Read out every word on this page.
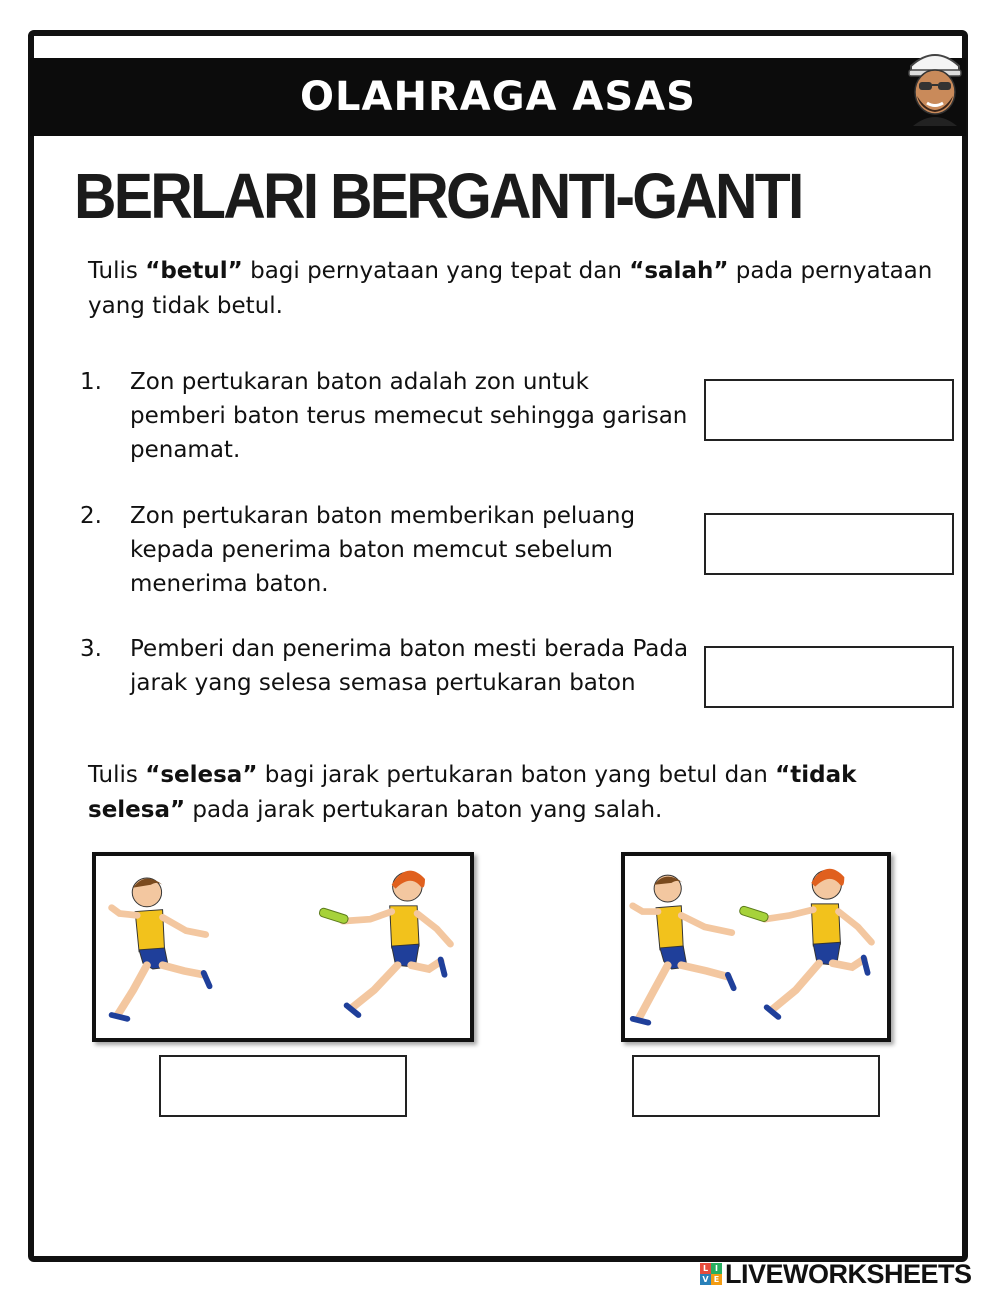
OLAHRAGA ASAS
BERLARI BERGANTI-GANTI

Tulis “betul” bagi pernyataan yang tepat dan “salah” pada pernyataan yang tidak betul.

1. Zon pertukaran baton adalah zon untuk pemberi baton terus memecut sehingga garisan penamat.
2. Zon pertukaran baton memberikan peluang kepada penerima baton memcut sebelum menerima baton.
3. Pemberi dan penerima baton mesti berada Pada jarak yang selesa semasa pertukaran baton

Tulis “selesa” bagi jarak pertukaran baton yang betul dan “tidak selesa” pada jarak pertukaran baton yang salah.

L I
V E LIVEWORKSHEETS
